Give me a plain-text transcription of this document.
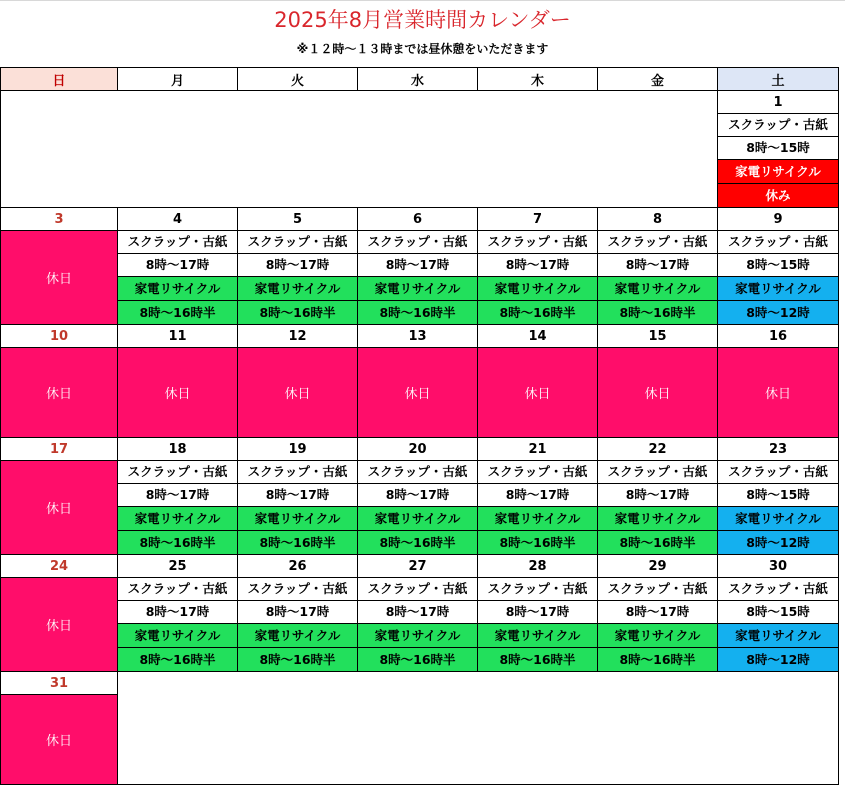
2025年8月営業時間カレンダー
※１２時～１３時までは昼休憩をいただきます
日	月	火	水	木	金	土
						1
						スクラップ・古紙
						8時～15時
						家電リサイクル
						休み
3	4	5	6	7	8	9
休日	スクラップ・古紙	スクラップ・古紙	スクラップ・古紙	スクラップ・古紙	スクラップ・古紙	スクラップ・古紙
	8時～17時	8時～17時	8時～17時	8時～17時	8時～17時	8時～15時
	家電リサイクル	家電リサイクル	家電リサイクル	家電リサイクル	家電リサイクル	家電リサイクル
	8時～16時半	8時～16時半	8時～16時半	8時～16時半	8時～16時半	8時～12時
10	11	12	13	14	15	16
休日	休日	休日	休日	休日	休日	休日
17	18	19	20	21	22	23
休日	スクラップ・古紙	スクラップ・古紙	スクラップ・古紙	スクラップ・古紙	スクラップ・古紙	スクラップ・古紙
	8時～17時	8時～17時	8時～17時	8時～17時	8時～17時	8時～15時
	家電リサイクル	家電リサイクル	家電リサイクル	家電リサイクル	家電リサイクル	家電リサイクル
	8時～16時半	8時～16時半	8時～16時半	8時～16時半	8時～16時半	8時～12時
24	25	26	27	28	29	30
休日	スクラップ・古紙	スクラップ・古紙	スクラップ・古紙	スクラップ・古紙	スクラップ・古紙	スクラップ・古紙
	8時～17時	8時～17時	8時～17時	8時～17時	8時～17時	8時～15時
	家電リサイクル	家電リサイクル	家電リサイクル	家電リサイクル	家電リサイクル	家電リサイクル
	8時～16時半	8時～16時半	8時～16時半	8時～16時半	8時～16時半	8時～12時
31						
休日						
